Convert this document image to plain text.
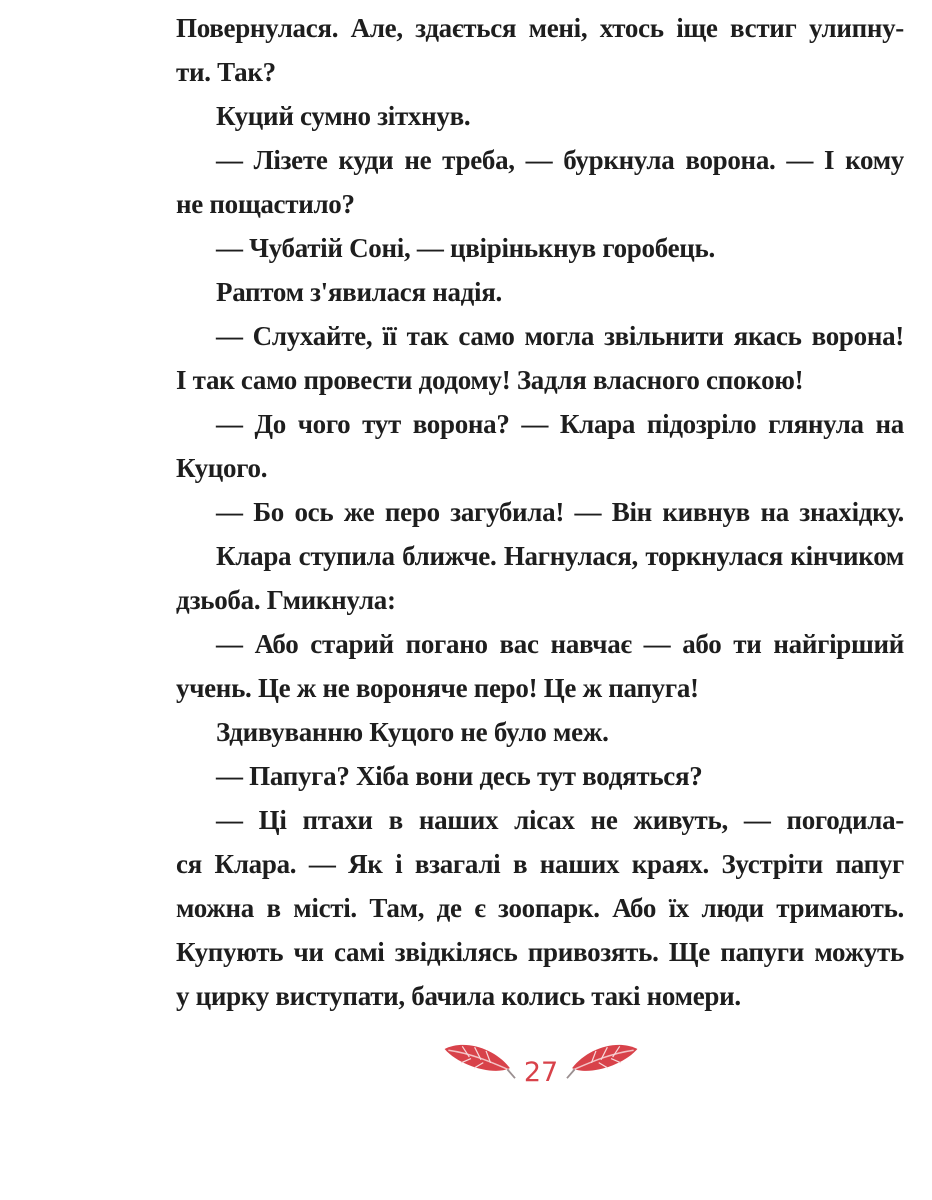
Повернулася. Але, здається мені, хтось іще встиг улипну-
ти. Так?
Куций сумно зітхнув.
— Лізете куди не треба, — буркнула ворона. — І кому
не пощастило?
— Чубатій Соні, — цвірінькнув горобець.
Раптом з'явилася надія.
— Слухайте, її так само могла звільнити якась ворона!
І так само провести додому! Задля власного спокою!
— До чого тут ворона? — Клара підозріло глянула на
Куцого.
— Бо ось же перо загубила! — Він кивнув на знахідку.
Клара ступила ближче. Нагнулася, торкнулася кінчиком
дзьоба. Гмикнула:
— Або старий погано вас навчає — або ти найгірший
учень. Це ж не вороняче перо! Це ж папуга!
Здивуванню Куцого не було меж.
— Папуга? Хіба вони десь тут водяться?
— Ці птахи в наших лісах не живуть, — погодила-
ся Клара. — Як і взагалі в наших краях. Зустріти папуг
можна в місті. Там, де є зоопарк. Або їх люди тримають.
Купують чи самі звідкілясь привозять. Ще папуги можуть
у цирку виступати, бачила колись такі номери.
27
